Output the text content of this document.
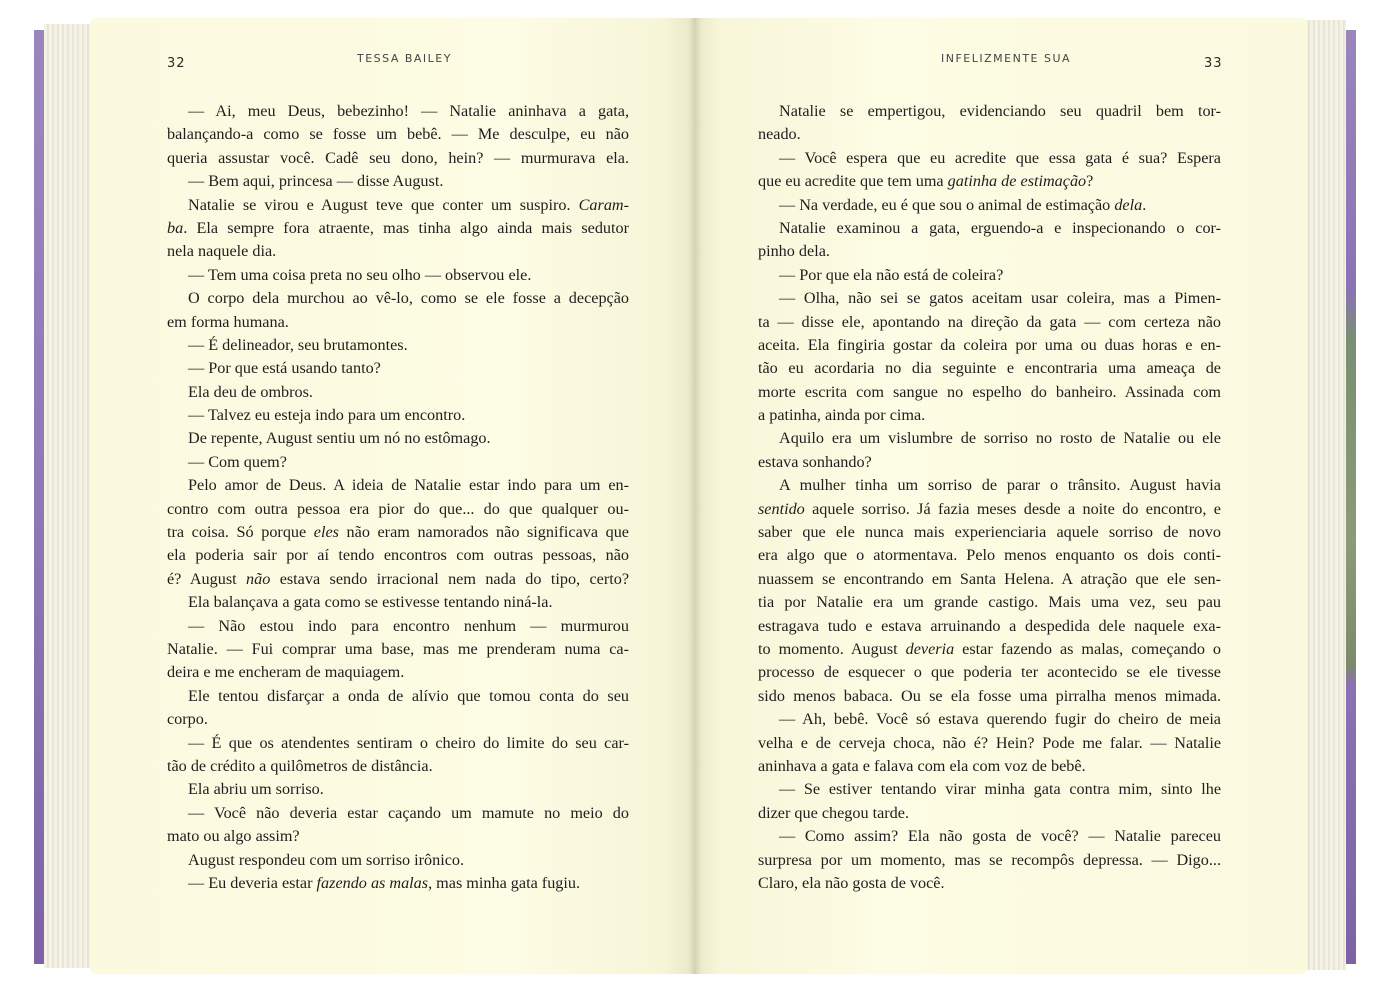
32	TESSA BAILEY	INFELIZMENTE SUA	33
— Ai, meu Deus, bebezinho! — Natalie aninhava a gata,
balançando-a como se fosse um bebê. — Me desculpe, eu não
queria assustar você. Cadê seu dono, hein? — murmurava ela.
— Bem aqui, princesa — disse August.
Natalie se virou e August teve que conter um suspiro. Caram-
ba. Ela sempre fora atraente, mas tinha algo ainda mais sedutor
nela naquele dia.
— Tem uma coisa preta no seu olho — observou ele.
O corpo dela murchou ao vê-lo, como se ele fosse a decepção
em forma humana.
— É delineador, seu brutamontes.
— Por que está usando tanto?
Ela deu de ombros.
— Talvez eu esteja indo para um encontro.
De repente, August sentiu um nó no estômago.
— Com quem?
Pelo amor de Deus. A ideia de Natalie estar indo para um en-
contro com outra pessoa era pior do que... do que qualquer ou-
tra coisa. Só porque eles não eram namorados não significava que
ela poderia sair por aí tendo encontros com outras pessoas, não
é? August não estava sendo irracional nem nada do tipo, certo?
Ela balançava a gata como se estivesse tentando niná-la.
— Não estou indo para encontro nenhum — murmurou
Natalie. — Fui comprar uma base, mas me prenderam numa ca-
deira e me encheram de maquiagem.
Ele tentou disfarçar a onda de alívio que tomou conta do seu
corpo.
— É que os atendentes sentiram o cheiro do limite do seu car-
tão de crédito a quilômetros de distância.
Ela abriu um sorriso.
— Você não deveria estar caçando um mamute no meio do
mato ou algo assim?
August respondeu com um sorriso irônico.
— Eu deveria estar fazendo as malas, mas minha gata fugiu.
Natalie se empertigou, evidenciando seu quadril bem tor-
neado.
— Você espera que eu acredite que essa gata é sua? Espera
que eu acredite que tem uma gatinha de estimação?
— Na verdade, eu é que sou o animal de estimação dela.
Natalie examinou a gata, erguendo-a e inspecionando o cor-
pinho dela.
— Por que ela não está de coleira?
— Olha, não sei se gatos aceitam usar coleira, mas a Pimen-
ta — disse ele, apontando na direção da gata — com certeza não
aceita. Ela fingiria gostar da coleira por uma ou duas horas e en-
tão eu acordaria no dia seguinte e encontraria uma ameaça de
morte escrita com sangue no espelho do banheiro. Assinada com
a patinha, ainda por cima.
Aquilo era um vislumbre de sorriso no rosto de Natalie ou ele
estava sonhando?
A mulher tinha um sorriso de parar o trânsito. August havia
sentido aquele sorriso. Já fazia meses desde a noite do encontro, e
saber que ele nunca mais experienciaria aquele sorriso de novo
era algo que o atormentava. Pelo menos enquanto os dois conti-
nuassem se encontrando em Santa Helena. A atração que ele sen-
tia por Natalie era um grande castigo. Mais uma vez, seu pau
estragava tudo e estava arruinando a despedida dele naquele exa-
to momento. August deveria estar fazendo as malas, começando o
processo de esquecer o que poderia ter acontecido se ele tivesse
sido menos babaca. Ou se ela fosse uma pirralha menos mimada.
— Ah, bebê. Você só estava querendo fugir do cheiro de meia
velha e de cerveja choca, não é? Hein? Pode me falar. — Natalie
aninhava a gata e falava com ela com voz de bebê.
— Se estiver tentando virar minha gata contra mim, sinto lhe
dizer que chegou tarde.
— Como assim? Ela não gosta de você? — Natalie pareceu
surpresa por um momento, mas se recompôs depressa. — Digo...
Claro, ela não gosta de você.
